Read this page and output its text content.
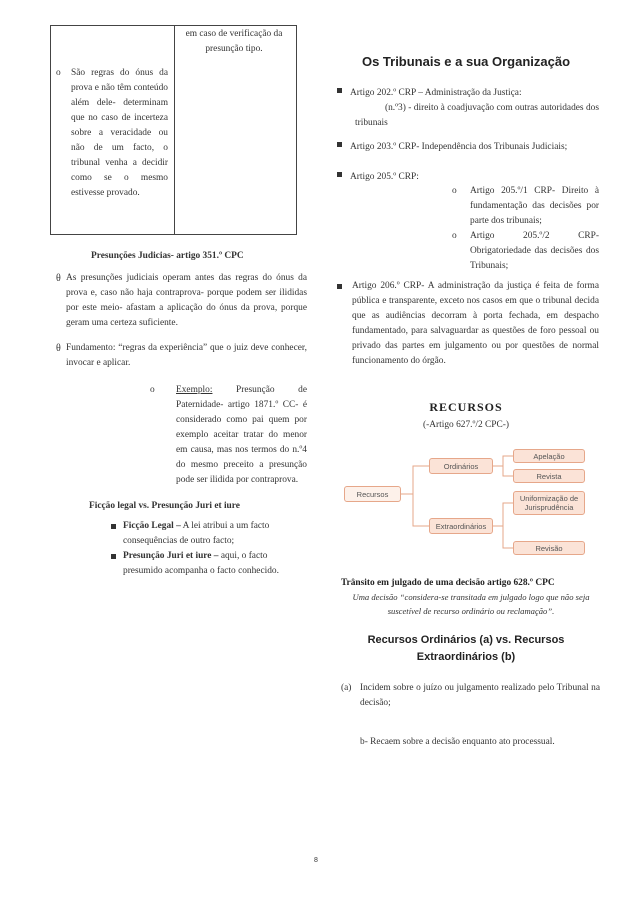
o São regras do ónus da prova e não têm conteúdo além dele- determinam que no caso de incerteza sobre a veracidade ou não de um facto, o tribunal venha a decidir como se o mesmo estivesse provado.
em caso de verificação da presunção tipo.
Presunções Judicias- artigo 351.º CPC
θ As presunções judiciais operam antes das regras do ónus da prova e, caso não haja contraprova- porque podem ser ilididas por este meio- afastam a aplicação do ónus da prova, porque geram uma certeza suficiente.
θ Fundamento: “regras da experiência” que o juiz deve conhecer, invocar e aplicar.
o Exemplo:	Presunção de Paternidade- artigo 1871.º CC- é considerado como pai quem por exemplo aceitar tratar do menor em causa, mas nos termos do n.º4 do mesmo preceito a presunção pode ser ilidida por contraprova.
Ficção legal vs. Presunção Juri et iure
Ficção Legal – A lei atribui a um facto consequências de outro facto;
Presunção Juri et iure – aqui, o facto presumido acompanha o facto conhecido.
Os Tribunais e a sua Organização
Artigo 202.º CRP – Administração da Justiça:
(n.º3) - direito à coadjuvação com outras autoridades dos tribunais
Artigo 203.º CRP- Independência dos Tribunais Judiciais;
Artigo 205.º CRP:
o Artigo 205.º/1 CRP- Direito à fundamentação das decisões por parte dos tribunais;
o Artigo 205.º/2 CRP- Obrigatoriedade das decisões dos Tribunais;
Artigo 206.º CRP- A administração da justiça é feita de forma pública e transparente, exceto nos casos em que o tribunal decida que as audiências decorram à porta fechada, em despacho fundamentado, para salvaguardar as questões de foro pessoal ou privado das partes em julgamento ou por questões de normal funcionamento do órgão.
RECURSOS
(-Artigo 627.º/2 CPC-)
Recursos
Ordinários
Extraordinários
Apelação
Revista
Uniformização de Jurisprudência
Revisão
Trânsito em julgado de uma decisão artigo 628.º CPC
Uma decisão “considera-se transitada em julgado logo que não seja suscetível de recurso ordinário ou reclamação”.
Recursos Ordinários (a) vs. Recursos Extraordinários (b)
(a) Incidem sobre o juízo ou julgamento realizado pelo Tribunal na decisão;
b- Recaem sobre a decisão enquanto ato processual.
8
